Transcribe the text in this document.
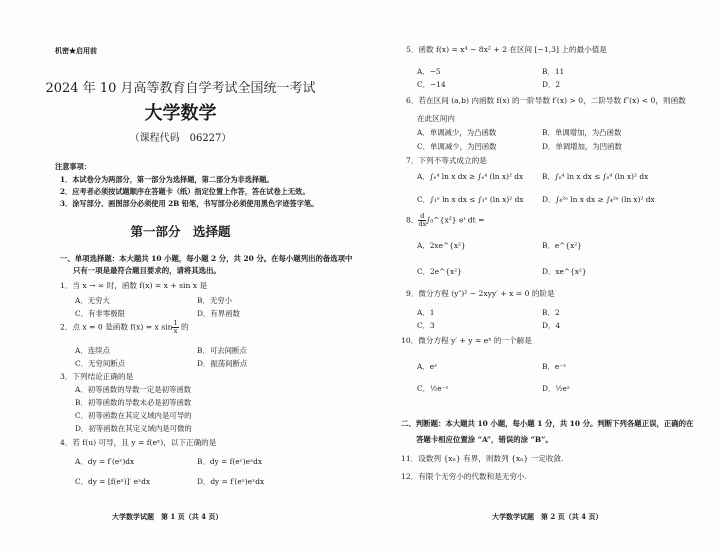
机密★启用前
2024 年 10 月高等教育自学考试全国统一考试
大学数学
（课程代码　06227）
注意事项：
1．本试卷分为两部分，第一部分为选择题，第二部分为非选择题。
2．应考者必须按试题顺序在答题卡（纸）指定位置上作答，答在试卷上无效。
3．涂写部分、画图部分必须使用 2B 铅笔，书写部分必须使用黑色字迹签字笔。
第一部分　选择题
一、单项选择题：本大题共 10 小题，每小题 2 分，共 20 分。在每小题列出的备选项中
只有一项是最符合题目要求的，请将其选出。
1．当 x → ∞ 时，函数 f(x) = x + sin x 是
A．无穷大	B．无穷小
C．有非零极限	D．有界函数
2．点 x = 0 是函数 f(x) = x $\sin \frac{1}{x}$ 的
A．连续点	B．可去间断点
C．无穷间断点	D．振荡间断点
3．下列结论正确的是
A．初等函数的导数一定是初等函数
B．初等函数的导数未必是初等函数
C．初等函数在其定义域内是可导的
D．初等函数在其定义域内是可微的
4．若 f(u) 可导，且 y = f(eˣ)，以下正确的是
A．dy = f′(eˣ)dx	B．dy = f(eˣ)eˣdx
C．dy = [f(eˣ)]′ eˣdx	D．dy = f′(eˣ)eˣdx
大学数学试题　第 1 页（共 4 页）
5．函数 f(x) = x⁴ − 8x² + 2 在区间 [−1,3] 上的最小值是
A．−5	B．11
C．−14	D．2
6．若在区间 (a,b) 内函数 f(x) 的一阶导数 f′(x) > 0，二阶导数 f″(x) < 0，则函数
在此区间内
A．单调减少，为凸函数	B．单调增加，为凸函数
C．单调减少，为凹函数	D．单调增加，为凹函数
7．下列不等式成立的是
A．∫ₑ⁴ ln x dx ≥ ∫ₑ⁴ (ln x)² dx	B．∫ₑ⁴ ln x dx ≤ ∫ₑ⁴ (ln x)² dx
C．∫₁ᵉ ln x dx ≤ ∫₁ᵉ (ln x)² dx	D．∫₄²ᵉ ln x dx ≥ ∫₄²ᵉ (ln x)² dx
8． $\frac{d}{dx}$ ∫₀^{x²} eᵗ dt =
A．2xe^{x²}	B．e^{x²}
C．2e^{x²}	D．xe^{x²}
9．微分方程 (y″)² − 2xyy′ + x = 0 的阶是
A．1	B．2
C．3	D．4
10．微分方程 y′ + y = eˣ 的一个解是
A．eˣ	B．e⁻ˣ
C．½e⁻ˣ	D．½eˣ
二、判断题：本大题共 10 小题，每小题 1 分，共 10 分。判断下列各题正误，正确的在
答题卡相应位置涂 “A”，错误的涂 “B”。
11．设数列 {xₙ} 有界，则数列 {xₙ} 一定收敛.
12．有限个无穷小的代数和是无穷小.
大学数学试题　第 2 页（共 4 页）
